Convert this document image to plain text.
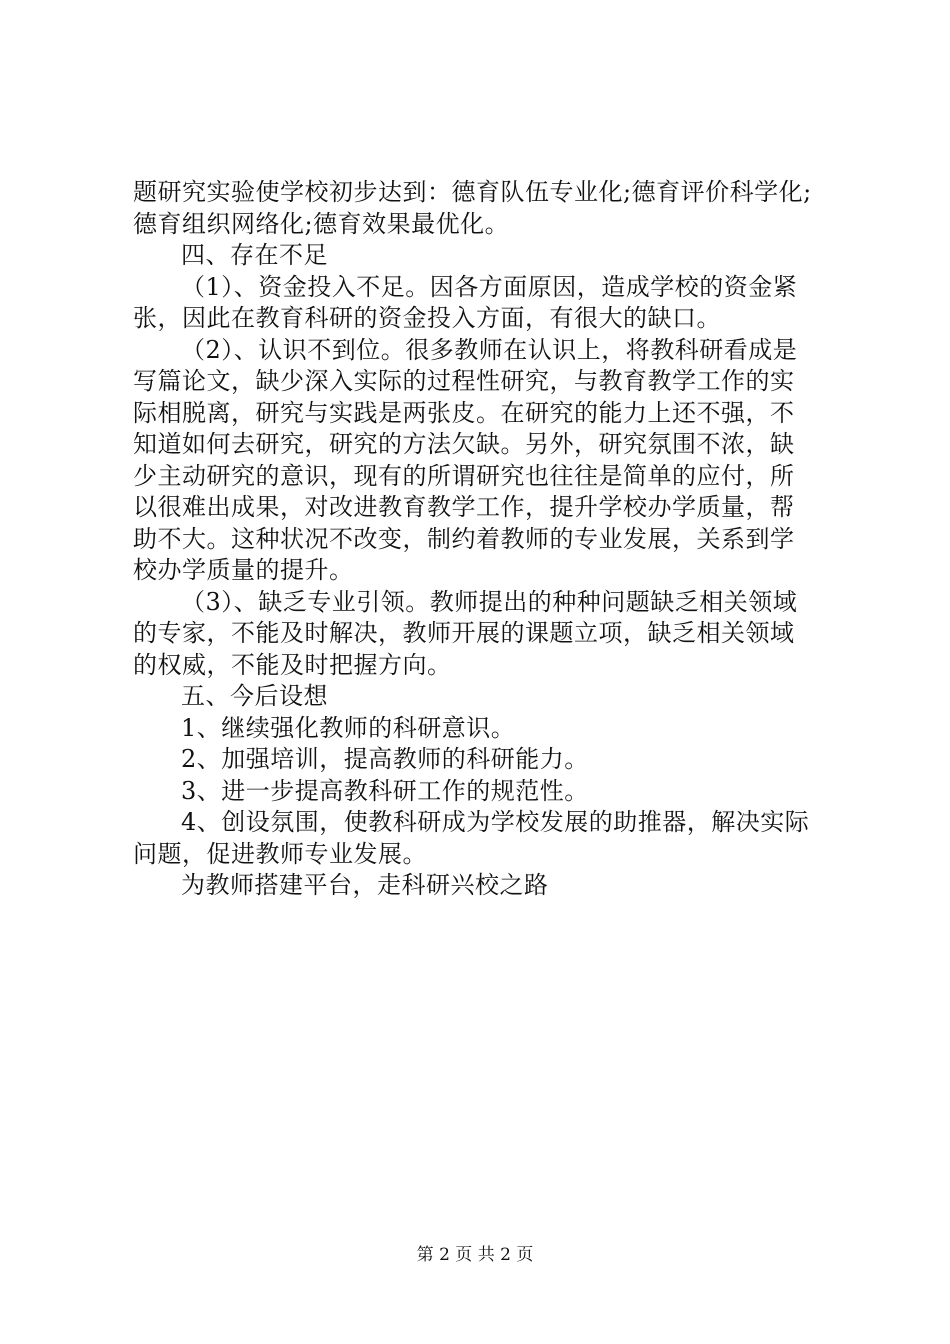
题研究实验使学校初步达到：德育队伍专业化;德育评价科学化;
德育组织网络化;德育效果最优化。
四、存在不足
（1）、资金投入不足。因各方面原因，造成学校的资金紧
张，因此在教育科研的资金投入方面，有很大的缺口。
（2）、认识不到位。很多教师在认识上，将教科研看成是
写篇论文，缺少深入实际的过程性研究，与教育教学工作的实
际相脱离，研究与实践是两张皮。在研究的能力上还不强，不
知道如何去研究，研究的方法欠缺。另外，研究氛围不浓，缺
少主动研究的意识，现有的所谓研究也往往是简单的应付，所
以很难出成果，对改进教育教学工作，提升学校办学质量，帮
助不大。这种状况不改变，制约着教师的专业发展，关系到学
校办学质量的提升。
（3）、缺乏专业引领。教师提出的种种问题缺乏相关领域
的专家，不能及时解决，教师开展的课题立项，缺乏相关领域
的权威，不能及时把握方向。
五、今后设想
1、继续强化教师的科研意识。
2、加强培训，提高教师的科研能力。
3、进一步提高教科研工作的规范性。
4、创设氛围，使教科研成为学校发展的助推器，解决实际
问题，促进教师专业发展。
为教师搭建平台，走科研兴校之路
第 2 页 共 2 页
